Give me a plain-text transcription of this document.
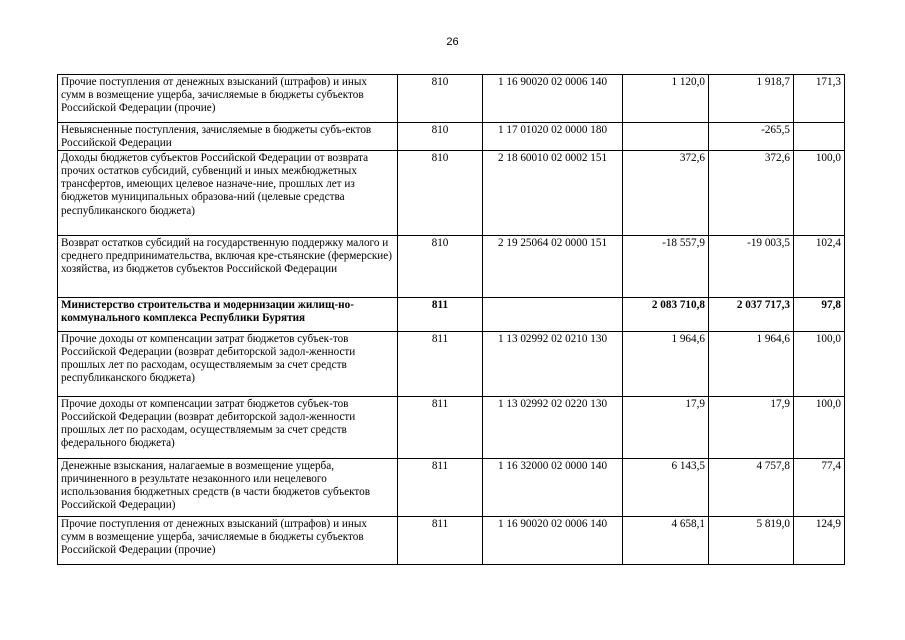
26
Прочие поступления от денежных взысканий (штрафов) и иных сумм в возмещение ущерба, зачисляемые в бюджеты субъектов Российской Федерации (прочие)	810	1 16 90020 02 0006 140	1 120,0	1 918,7	171,3
Невыясненные поступления, зачисляемые в бюджеты субъ-ектов Российской Федерации	810	1 17 01020 02 0000 180		-265,5	
Доходы бюджетов субъектов Российской Федерации от возврата прочих остатков субсидий, субвенций и иных межбюджетных трансфертов, имеющих целевое назначе-ние, прошлых лет из бюджетов муниципальных образова-ний (целевые средства республиканского бюджета)	810	2 18 60010 02 0002 151	372,6	372,6	100,0
Возврат остатков субсидий на государственную поддержку малого и среднего предпринимательства, включая кре-стьянские (фермерские) хозяйства, из бюджетов субъектов Российской Федерации	810	2 19 25064 02 0000 151	-18 557,9	-19 003,5	102,4
Министерство строительства и модернизации жилищ-но-коммунального комплекса Республики Бурятия	811		2 083 710,8	2 037 717,3	97,8
Прочие доходы от компенсации затрат бюджетов субъек-тов Российской Федерации (возврат дебиторской задол-женности прошлых лет по расходам, осуществляемым за счет средств республиканского бюджета)	811	1 13 02992 02 0210 130	1 964,6	1 964,6	100,0
Прочие доходы от компенсации затрат бюджетов субъек-тов Российской Федерации (возврат дебиторской задол-женности прошлых лет по расходам, осуществляемым за счет средств федерального бюджета)	811	1 13 02992 02 0220 130	17,9	17,9	100,0
Денежные взыскания, налагаемые в возмещение ущерба, причиненного в результате незаконного или нецелевого использования бюджетных средств (в части бюджетов субъектов Российской Федерации)	811	1 16 32000 02 0000 140	6 143,5	4 757,8	77,4
Прочие поступления от денежных взысканий (штрафов) и иных сумм в возмещение ущерба, зачисляемые в бюджеты субъектов Российской Федерации (прочие)	811	1 16 90020 02 0006 140	4 658,1	5 819,0	124,9
